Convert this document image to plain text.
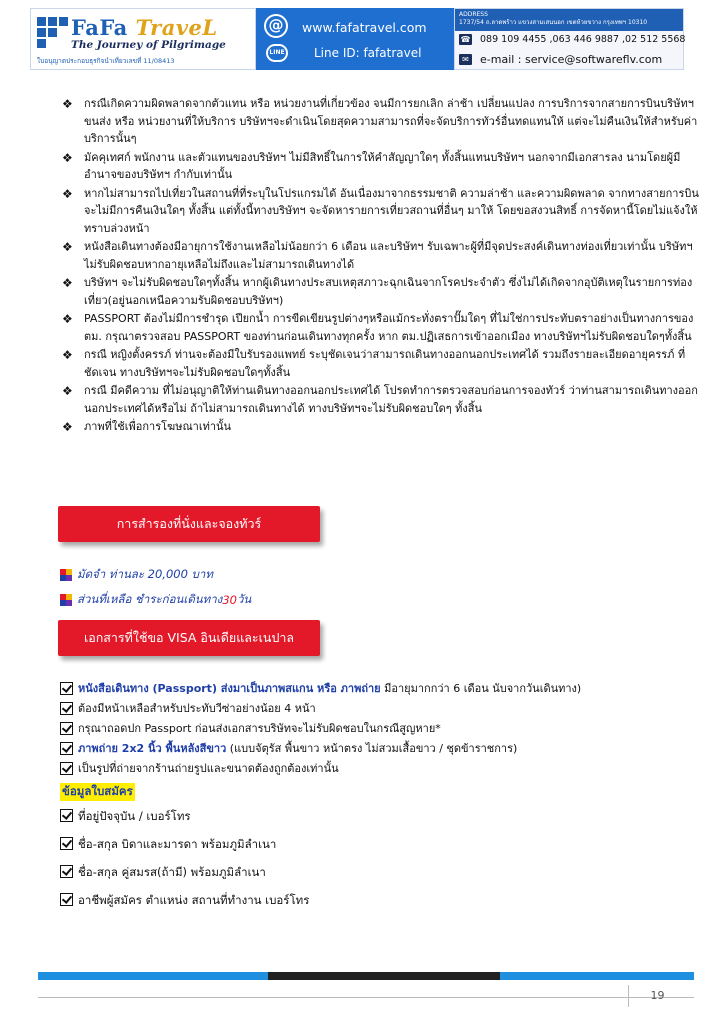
FaFa TraveL
The Journey of Pilgrimage
ใบอนุญาตประกอบธุรกิจนำเที่ยวเลขที่ 11/08413
@
LINE
www.fafatravel.com
Line ID: fafatravel
ADDRESS
1737/54 ถ.ลาดพร้าว แขวงสามเสนนอก เขตห้วยขวาง กรุงเทพฯ 10310
☎ 089 109 4455 ,063 446 9887 ,02 512 5568
✉ e-mail : service@softwareflv.com
❖ กรณีเกิดความผิดพลาดจากตัวแทน หรือ หน่วยงานที่เกี่ยวข้อง จนมีการยกเลิก ล่าช้า เปลี่ยนแปลง การบริการจากสายการบินบริษัทฯ ขนส่ง หรือ หน่วยงานที่ให้บริการ บริษัทฯจะดำเนินโดยสุดความสามารถที่จะจัดบริการทัวร์อื่นทดแทนให้ แต่จะไม่คืนเงินให้สำหรับค่าบริการนั้นๆ
❖ มัคคุเทศก์ พนักงาน และตัวแทนของบริษัทฯ ไม่มีสิทธิ์ในการให้คำสัญญาใดๆ ทั้งสิ้นแทนบริษัทฯ นอกจากมีเอกสารลง นามโดยผู้มีอำนาจของบริษัทฯ กำกับเท่านั้น
❖ หากไม่สามารถไปเที่ยวในสถานที่ที่ระบุในโปรแกรมได้ อันเนื่องมาจากธรรมชาติ ความล่าช้า และความผิดพลาด จากทางสายการบินจะไม่มีการคืนเงินใดๆ ทั้งสิ้น แต่ทั้งนี้ทางบริษัทฯ จะจัดหารายการเที่ยวสถานที่อื่นๆ มาให้ โดยขอสงวนสิทธิ์ การจัดหานี้โดยไม่แจ้งให้ทราบล่วงหน้า
❖ หนังสือเดินทางต้องมีอายุการใช้งานเหลือไม่น้อยกว่า 6 เดือน และบริษัทฯ รับเฉพาะผู้ที่มีจุดประสงค์เดินทางท่องเที่ยวเท่านั้น บริษัทฯไม่รับผิดชอบหากอายุเหลือไม่ถึงและไม่สามารถเดินทางได้
❖ บริษัทฯ จะไม่รับผิดชอบใดๆทั้งสิ้น หากผู้เดินทางประสบเหตุสภาวะฉุกเฉินจากโรคประจำตัว ซึ่งไม่ได้เกิดจากอุบัติเหตุในรายการท่องเที่ยว(อยู่นอกเหนือความรับผิดชอบบริษัทฯ)
❖ PASSPORT ต้องไม่มีการชำรุด เปียกน้ำ การขีดเขียนรูปต่างๆหรือแม้กระทั่งตราปั๊มใดๆ ที่ไม่ใช่การประทับตราอย่างเป็นทางการของ ตม. กรุณาตรวจสอบ PASSPORT ของท่านก่อนเดินทางทุกครั้ง หาก ตม.ปฏิเสธการเข้าออกเมือง ทางบริษัทฯไม่รับผิดชอบใดๆทั้งสิ้น
❖ กรณี หญิงตั้งครรภ์ ท่านจะต้องมีใบรับรองแพทย์ ระบุชัดเจนว่าสามารถเดินทางออกนอกประเทศได้ รวมถึงรายละเอียดอายุครรภ์ ที่ชัดเจน ทางบริษัทฯจะไม่รับผิดชอบใดๆทั้งสิ้น
❖ กรณี มีคดีความ ที่ไม่อนุญาติให้ท่านเดินทางออกนอกประเทศได้ โปรดทำการตรวจสอบก่อนการจองทัวร์ ว่าท่านสามารถเดินทางออกนอกประเทศได้หรือไม่ ถ้าไม่สามารถเดินทางได้ ทางบริษัทฯจะไม่รับผิดชอบใดๆ ทั้งสิ้น
❖ ภาพที่ใช้เพื่อการโฆษณาเท่านั้น
การสำรองที่นั่งและจองทัวร์
มัดจำ ท่านละ 20,000 บาท
ส่วนที่เหลือ ชำระก่อนเดินทาง 30 วัน
เอกสารที่ใช้ขอ VISA อินเดียและเนปาล
หนังสือเดินทาง (Passport) ส่งมาเป็นภาพสแกน หรือ ภาพถ่าย มีอายุมากกว่า 6 เดือน นับจากวันเดินทาง)
ต้องมีหน้าเหลือสำหรับประทับวีซ่าอย่างน้อย 4 หน้า
กรุณาถอดปก Passport ก่อนส่งเอกสารบริษัทจะไม่รับผิดชอบในกรณีสูญหาย*
ภาพถ่าย 2x2 นิ้ว พื้นหลังสีขาว (แบบจัตุรัส พื้นขาว หน้าตรง ไม่สวมเสื้อขาว / ชุดข้าราชการ)
เป็นรูปที่ถ่ายจากร้านถ่ายรูปและขนาดต้องถูกต้องเท่านั้น
ข้อมูลใบสมัคร
ที่อยู่ปัจจุบัน / เบอร์โทร
ชื่อ-สกุล บิดาและมารดา พร้อมภูมิลำเนา
ชื่อ-สกุล คู่สมรส(ถ้ามี) พร้อมภูมิลำเนา
อาชีพผู้สมัคร ตำแหน่ง สถานที่ทำงาน เบอร์โทร
19
